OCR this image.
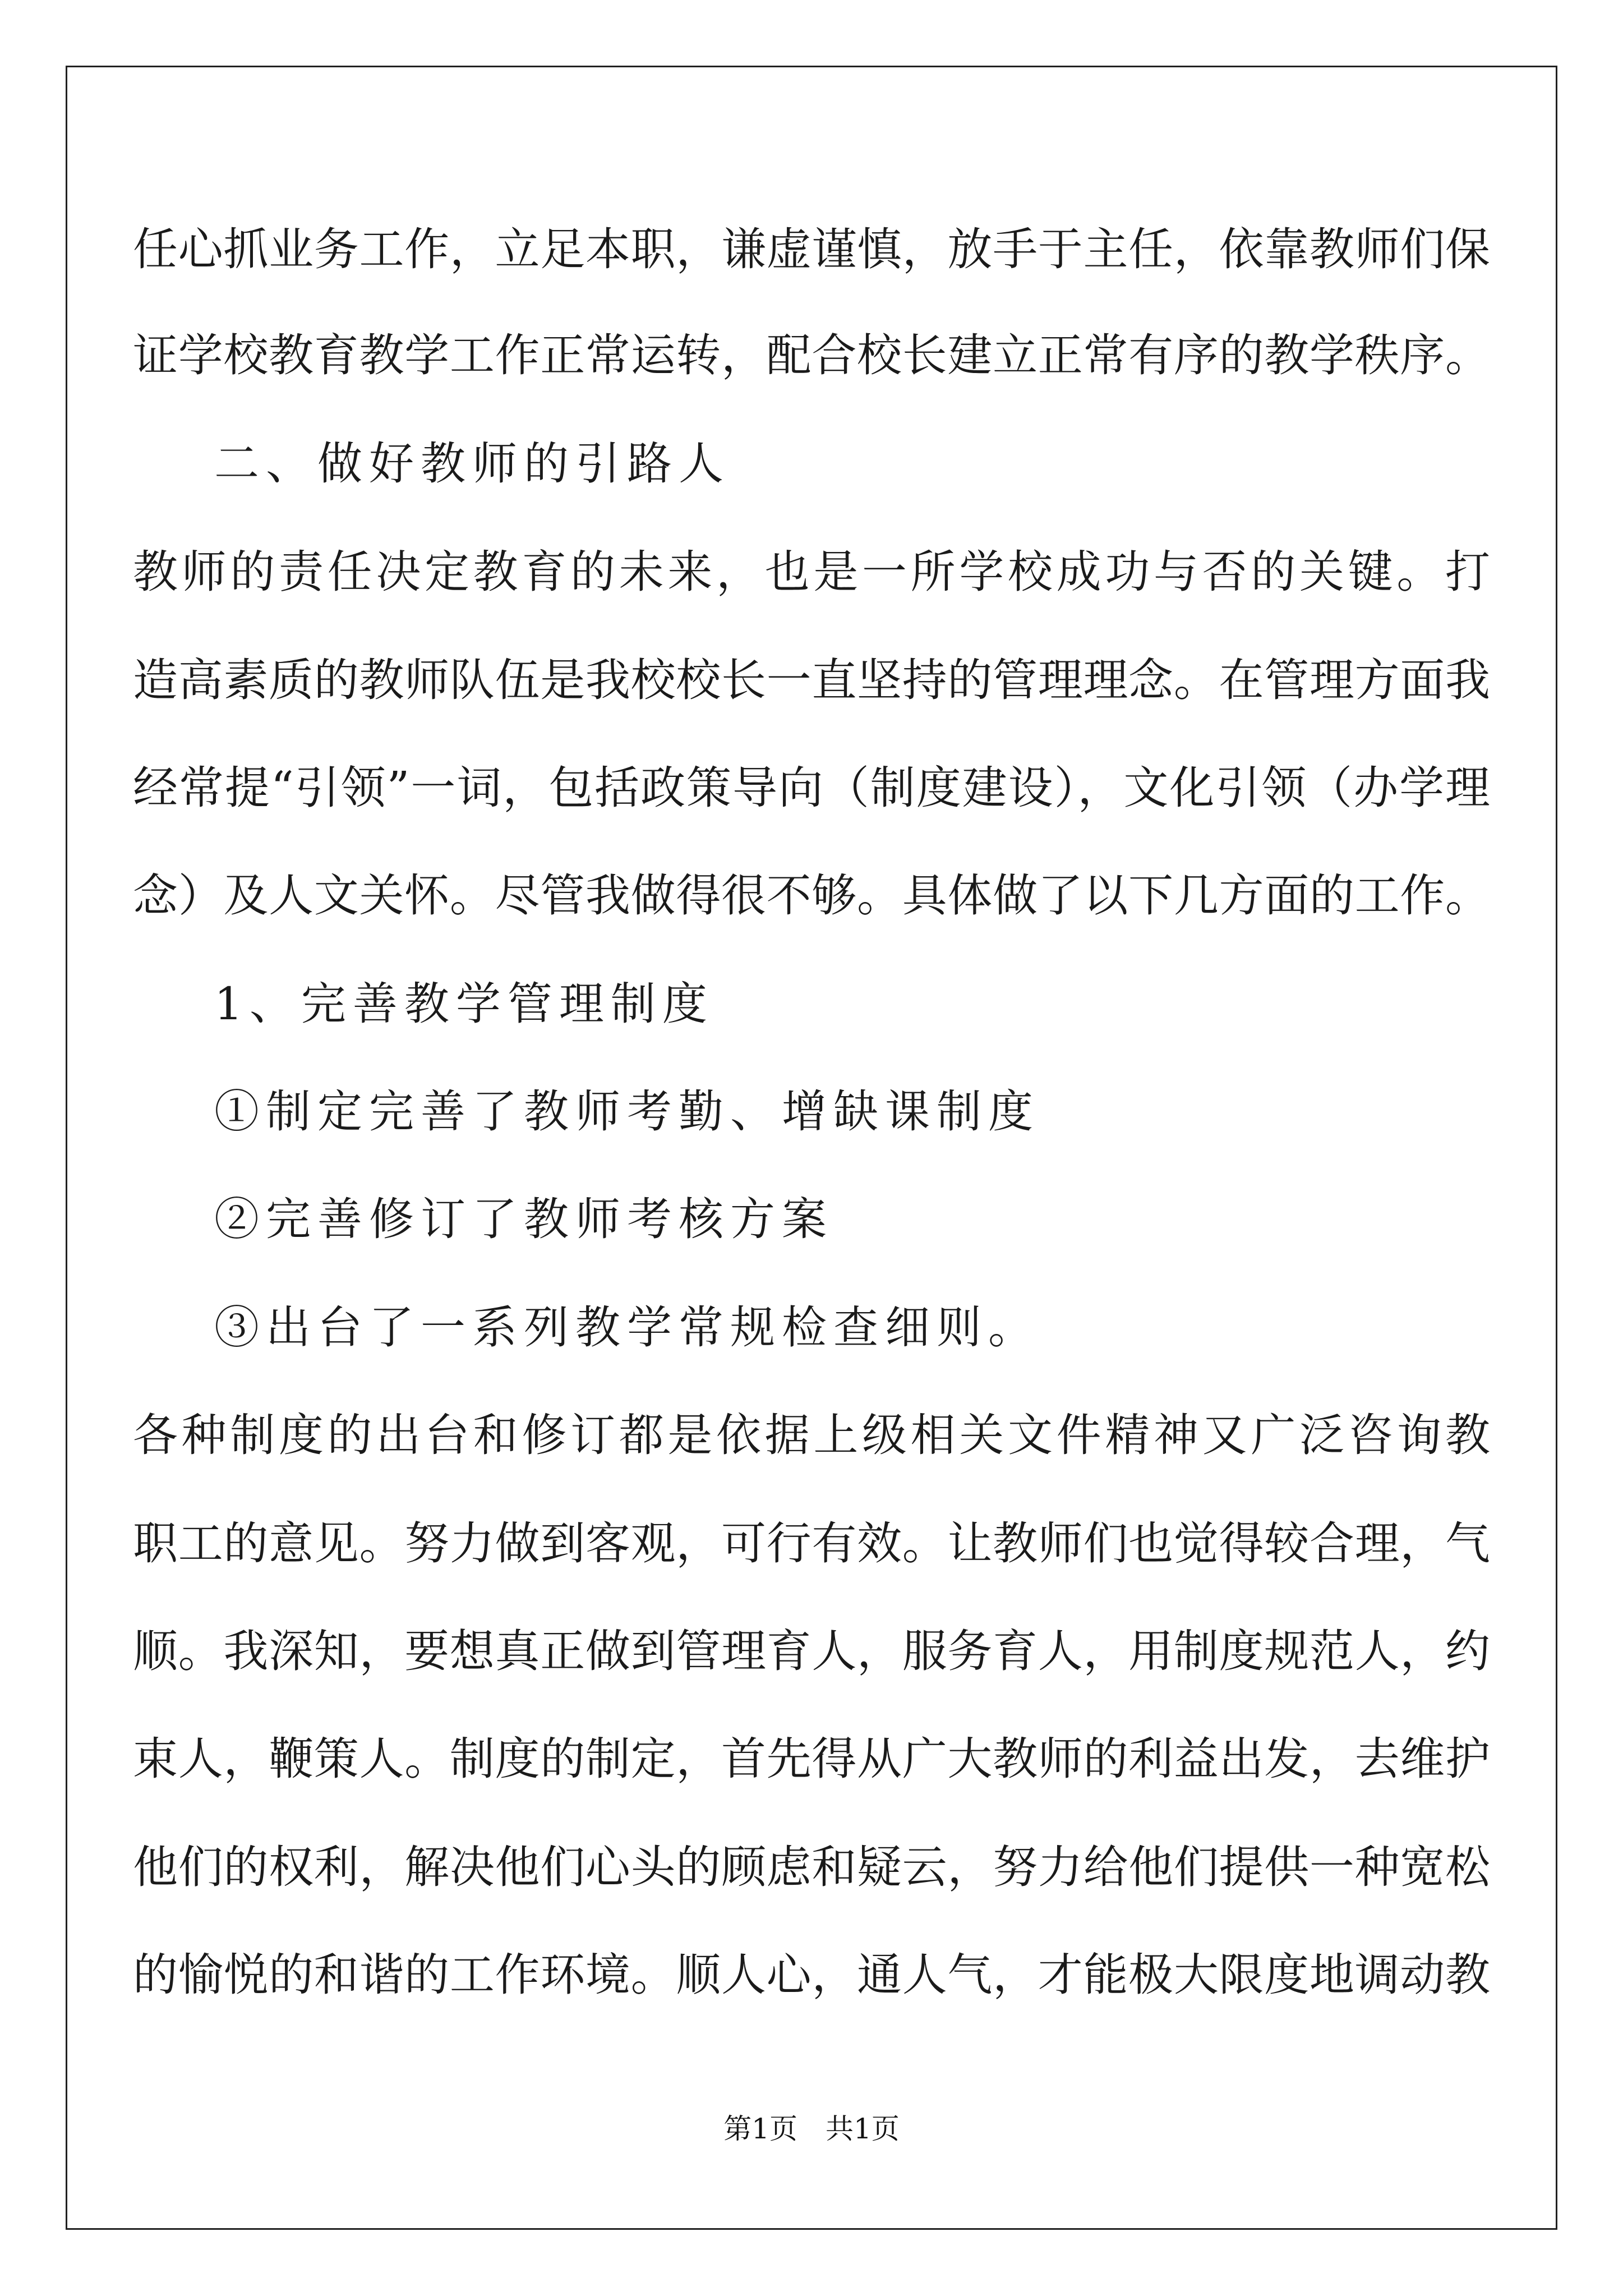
任心抓业务工作，立足本职，谦虚谨慎，放手于主任，依靠教师们保
证学校教育教学工作正常运转，配合校长建立正常有序的教学秩序。
二、做好教师的引路人
教师的责任决定教育的未来，也是一所学校成功与否的关键。打
造高素质的教师队伍是我校校长一直坚持的管理理念。在管理方面我
经常提“引领”一词，包括政策导向（制度建设），文化引领（办学理
念）及人文关怀。尽管我做得很不够。具体做了以下几方面的工作。
1、完善教学管理制度
①制定完善了教师考勤、增缺课制度
②完善修订了教师考核方案
③出台了一系列教学常规检查细则。
各种制度的出台和修订都是依据上级相关文件精神又广泛咨询教
职工的意见。努力做到客观，可行有效。让教师们也觉得较合理，气
顺。我深知，要想真正做到管理育人，服务育人，用制度规范人，约
束人，鞭策人。制度的制定，首先得从广大教师的利益出发，去维护
他们的权利，解决他们心头的顾虑和疑云，努力给他们提供一种宽松
的愉悦的和谐的工作环境。顺人心，通人气，才能极大限度地调动教
第1页 共1页
